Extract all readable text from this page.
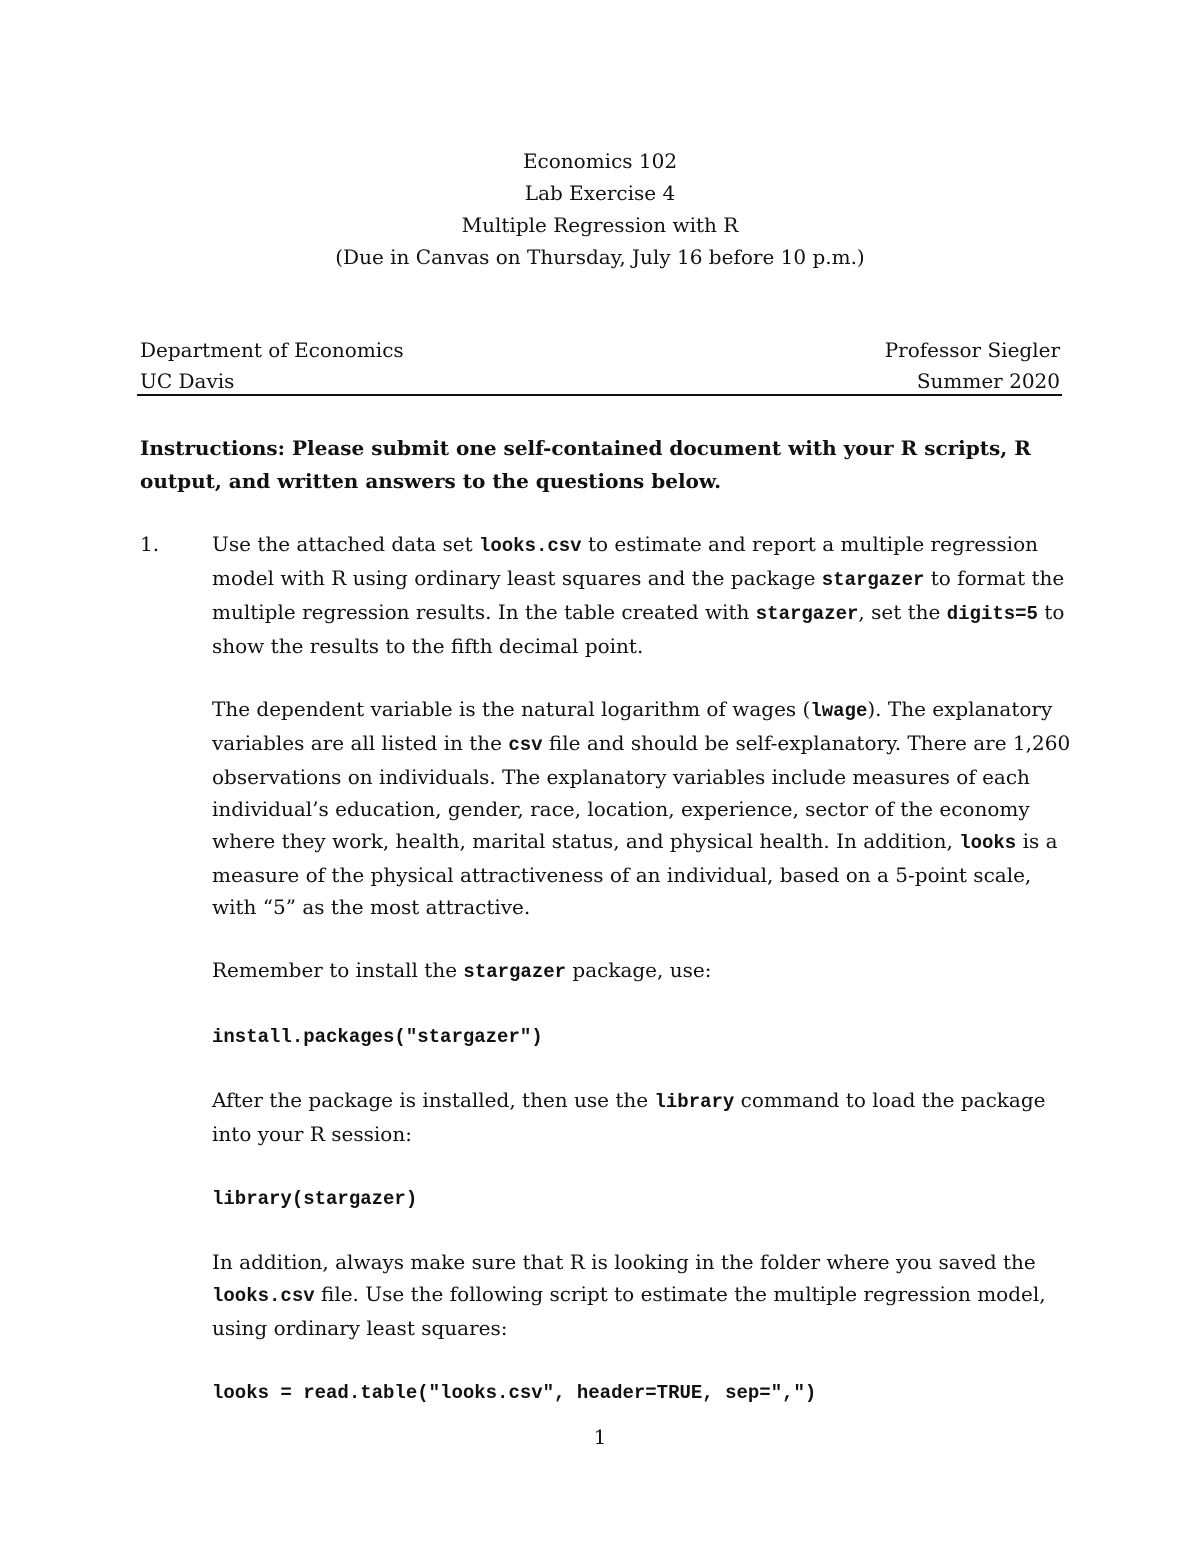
Economics 102
Lab Exercise 4
Multiple Regression with R
(Due in Canvas on Thursday, July 16 before 10 p.m.)
Department of Economics	Professor Siegler
UC Davis	Summer 2020
Instructions: Please submit one self-contained document with your R scripts, R output, and written answers to the questions below.
1.	Use the attached data set looks.csv to estimate and report a multiple regression model with R using ordinary least squares and the package stargazer to format the multiple regression results. In the table created with stargazer, set the digits=5 to show the results to the fifth decimal point.

The dependent variable is the natural logarithm of wages (lwage). The explanatory variables are all listed in the csv file and should be self-explanatory. There are 1,260 observations on individuals. The explanatory variables include measures of each individual’s education, gender, race, location, experience, sector of the economy where they work, health, marital status, and physical health. In addition, looks is a measure of the physical attractiveness of an individual, based on a 5-point scale, with “5” as the most attractive.

Remember to install the stargazer package, use:

install.packages("stargazer")

After the package is installed, then use the library command to load the package into your R session:

library(stargazer)

In addition, always make sure that R is looking in the folder where you saved the looks.csv file. Use the following script to estimate the multiple regression model, using ordinary least squares:

looks = read.table("looks.csv", header=TRUE, sep=",")

1
